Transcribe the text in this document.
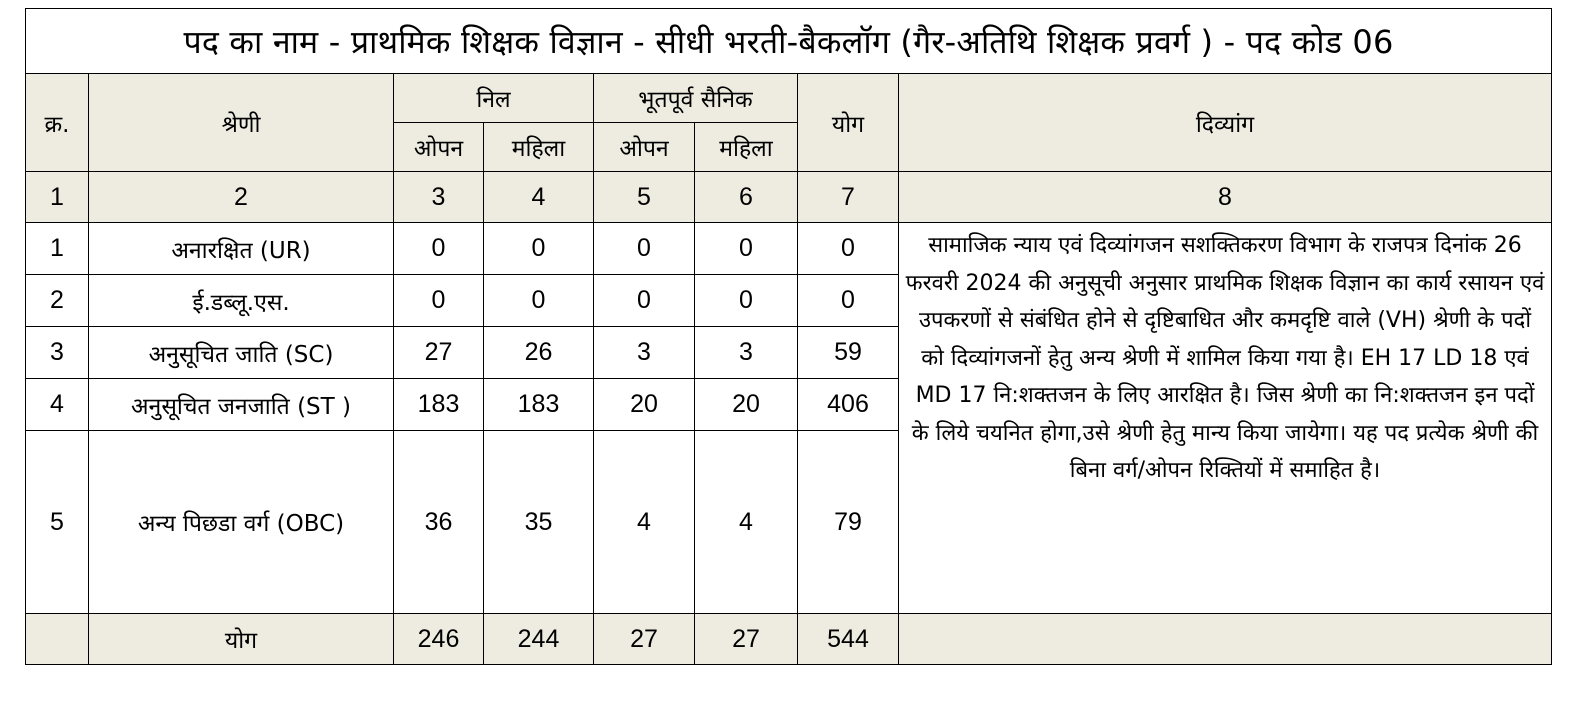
पद का नाम - प्राथमिक शिक्षक विज्ञान - सीधी भरती-बैकलॉग (गैर-अतिथि शिक्षक प्रवर्ग ) - पद कोड 06							
क्र.	श्रेणी	निल		भूतपूर्व सैनिक		योग	दिव्यांग
		ओपन	महिला	ओपन	महिला		
1	2	3	4	5	6	7	8
1	अनारक्षित (UR)	0	0	0	0	0	सामाजिक न्याय एवं दिव्यांगजन सशक्तिकरण विभाग के राजपत्र दिनांक 26 फरवरी 2024 की अनुसूची अनुसार प्राथमिक शिक्षक विज्ञान का कार्य रसायन एवं उपकरणों से संबंधित होने से दृष्टिबाधित और कमदृष्टि वाले (VH) श्रेणी के पदों को दिव्यांगजनों हेतु अन्य श्रेणी में शामिल किया गया है। EH 17 LD 18 एवं MD 17 नि:शक्तजन के लिए आरक्षित है। जिस श्रेणी का नि:शक्तजन इन पदों के लिये चयनित होगा,उसे श्रेणी हेतु मान्य किया जायेगा। यह पद प्रत्येक श्रेणी की बिना वर्ग/ओपन रिक्तियों में समाहित है।
2	ई.डब्लू.एस.	0	0	0	0	0	
3	अनुसूचित जाति (SC)	27	26	3	3	59	
4	अनुसूचित जनजाति (ST )	183	183	20	20	406	
5	अन्य पिछडा वर्ग (OBC)	36	35	4	4	79	
	योग	246	244	27	27	544	
